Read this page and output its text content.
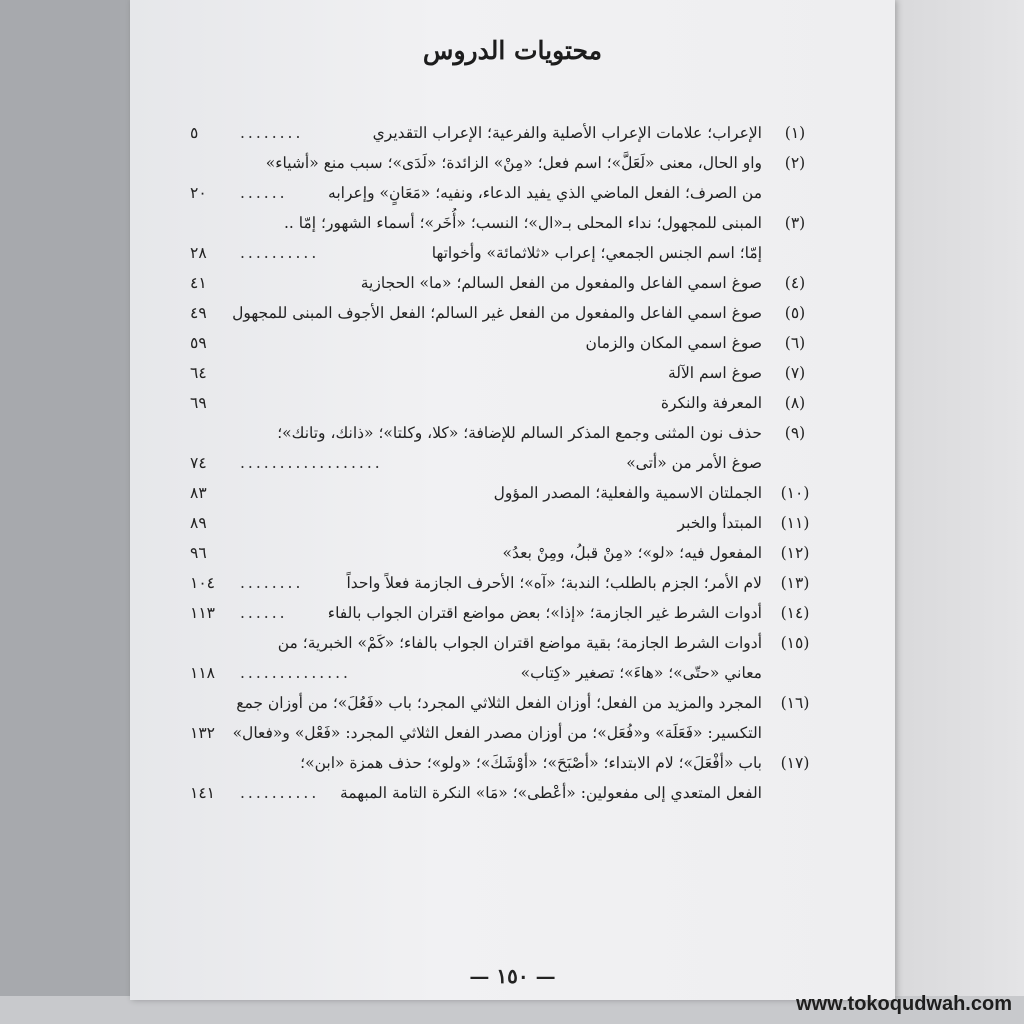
محتويات الدروس
— ١٥٠ —
(١)
الإعراب؛ علامات الإعراب الأصلية والفرعية؛ الإعراب التقديري
........
٥
(٢)
واو الحال، معنى «لَعَلَّ»؛ اسم فعل؛ «مِنْ» الزائدة؛ «لَدَى»؛ سبب منع «أشياء»
من الصرف؛ الفعل الماضي الذي يفيد الدعاء، ونفيه؛ «مَعَانٍ» وإعرابه
......
٢٠
(٣)
المبنى للمجهول؛ نداء المحلى بـ«ال»؛ النسب؛ «أُخَر»؛ أسماء الشهور؛ إمّا ..
إمّا؛ اسم الجنس الجمعي؛ إعراب «ثلاثمائة» وأخواتها
..........
٢٨
(٤)
صوغ اسمي الفاعل والمفعول من الفعل السالم؛ «ما» الحجازية
٤١
(٥)
صوغ اسمي الفاعل والمفعول من الفعل غير السالم؛ الفعل الأجوف المبنى للمجهول
٤٩
(٦)
صوغ اسمي المكان والزمان
٥٩
(٧)
صوغ اسم الآلة
٦٤
(٨)
المعرفة والنكرة
٦٩
(٩)
حذف نون المثنى وجمع المذكر السالم للإضافة؛ «كلا، وكلتا»؛ «ذانك، وتانك»؛
صوغ الأمر من «أتى»
..................
٧٤
(١٠)
الجملتان الاسمية والفعلية؛ المصدر المؤول
٨٣
(١١)
المبتدأ والخبر
٨٩
(١٢)
المفعول فيه؛ «لو»؛ «مِنْ قبلُ، ومِنْ بعدُ»
٩٦
(١٣)
لام الأمر؛ الجزم بالطلب؛ الندبة؛ «آه»؛ الأحرف الجازمة فعلاً واحداً
........
١٠٤
(١٤)
أدوات الشرط غير الجازمة؛ «إذا»؛ بعض مواضع اقتران الجواب بالفاء
......
١١٣
(١٥)
أدوات الشرط الجازمة؛ بقية مواضع اقتران الجواب بالفاء؛ «كَمْ» الخبرية؛ من
معاني «حتّى»؛ «هاءَ»؛ تصغير «كِتاب»
..............
١١٨
(١٦)
المجرد والمزيد من الفعل؛ أوزان الفعل الثلاثي المجرد؛ باب «فَعُلَ»؛ من أوزان جمع
التكسير: «فَعَلَة» و«فُعَل»؛ من أوزان مصدر الفعل الثلاثي المجرد: «فَعْل» و«فعال»
١٣٢
(١٧)
باب «أفْعَلَ»؛ لام الابتداء؛ «أصْبَحَ»؛ «أوْشَكَ»؛ «ولو»؛ حذف همزة «ابن»؛
الفعل المتعدي إلى مفعولين: «أعْطى»؛ «مَا» النكرة التامة المبهمة
..........
١٤١
www.tokoqudwah.com
